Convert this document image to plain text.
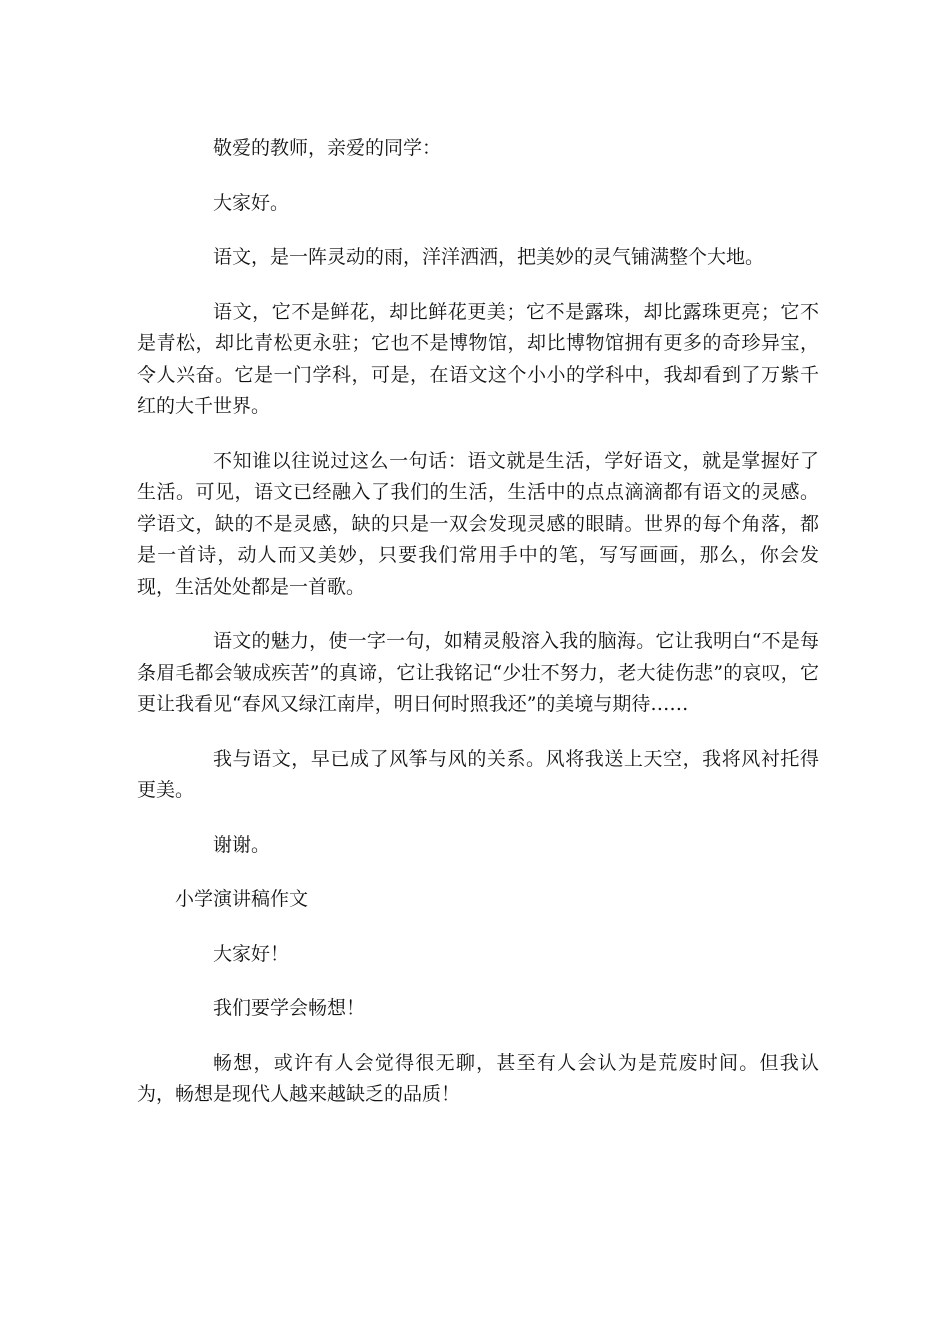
敬爱的教师，亲爱的同学：

大家好。

语文，是一阵灵动的雨，洋洋洒洒，把美妙的灵气铺满整个大地。

语文，它不是鲜花，却比鲜花更美；它不是露珠，却比露珠更亮；它不是青松，却比青松更永驻；它也不是博物馆，却比博物馆拥有更多的奇珍异宝，令人兴奋。它是一门学科，可是，在语文这个小小的学科中，我却看到了万紫千红的大千世界。

不知谁以往说过这么一句话：语文就是生活，学好语文，就是掌握好了生活。可见，语文已经融入了我们的生活，生活中的点点滴滴都有语文的灵感。学语文，缺的不是灵感，缺的只是一双会发现灵感的眼睛。世界的每个角落，都是一首诗，动人而又美妙，只要我们常用手中的笔，写写画画，那么，你会发现，生活处处都是一首歌。

语文的魅力，使一字一句，如精灵般溶入我的脑海。它让我明白“不是每条眉毛都会皱成疾苦”的真谛，它让我铭记“少壮不努力，老大徒伤悲”的哀叹，它更让我看见“春风又绿江南岸，明日何时照我还”的美境与期待……

我与语文，早已成了风筝与风的关系。风将我送上天空，我将风衬托得更美。

谢谢。

小学演讲稿作文

大家好！

我们要学会畅想！

畅想，或许有人会觉得很无聊，甚至有人会认为是荒废时间。但我认为，畅想是现代人越来越缺乏的品质！
